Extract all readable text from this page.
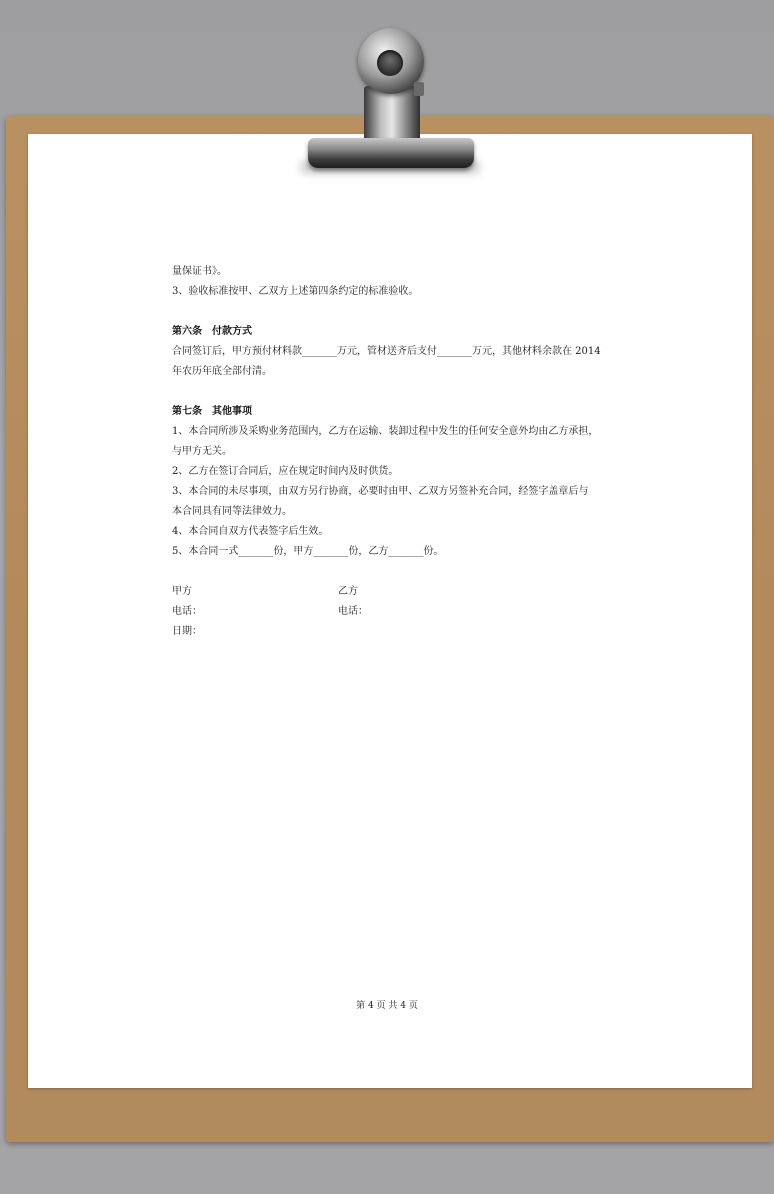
量保证书》。

3、验收标准按甲、乙双方上述第四条约定的标准验收。

第六条　付款方式

合同签订后，甲方预付材料款_______万元，管材送齐后支付_______万元，其他材料余款在 2014

年农历年底全部付清。

第七条　其他事项

1、本合同所涉及采购业务范围内，乙方在运输、装卸过程中发生的任何安全意外均由乙方承担，

与甲方无关。

2、乙方在签订合同后，应在规定时间内及时供货。

3、本合同的未尽事项，由双方另行协商，必要时由甲、乙双方另签补充合同，经签字盖章后与

本合同具有同等法律效力。

4、本合同自双方代表签字后生效。

5、本合同一式_______份，甲方_______份，乙方_______份。

甲方	乙方
电话：	电话：
日期：
第 4 页 共 4 页
